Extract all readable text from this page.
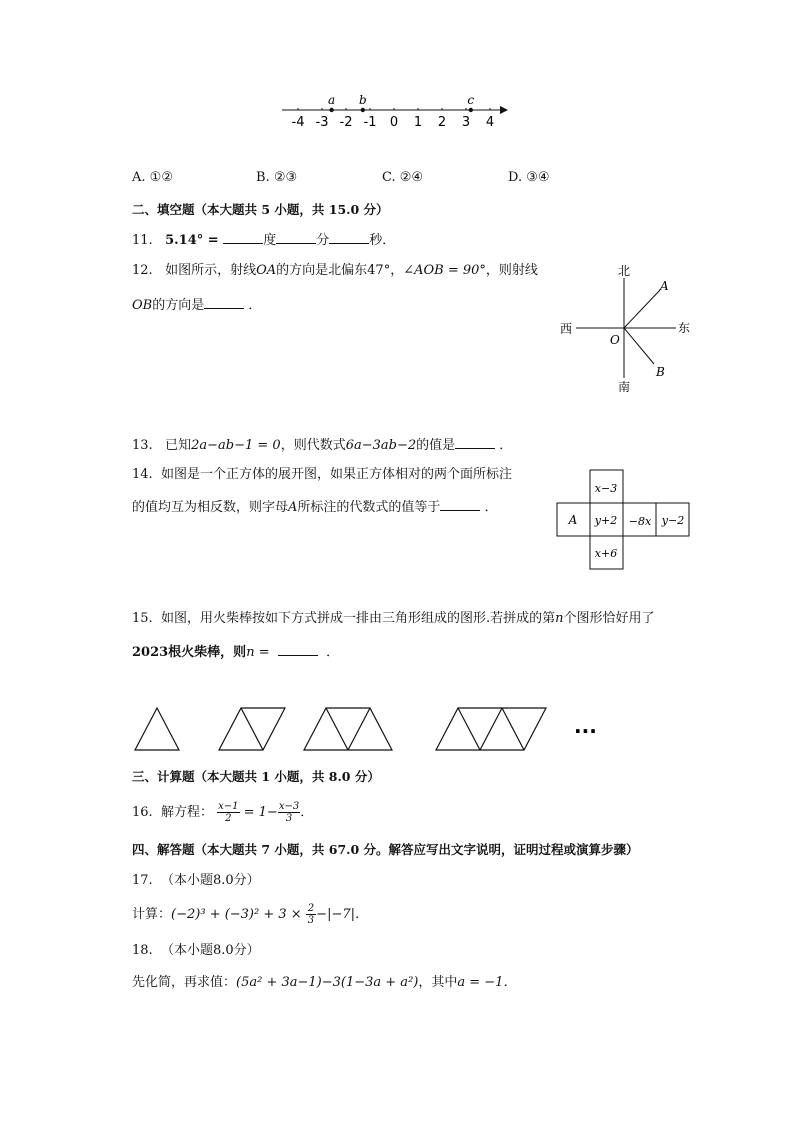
-4 -3 -2 -1 0 1 2 3 4
a b	c
A. ①②	B. ②③	C. ②④	D. ③④
二、填空题（本大题共 5 小题，共 15.0 分）
11. 5.14° =	度	分	秒．
12. 如图所示，射线OA的方向是北偏东47°，∠AOB = 90°，则射线
OB的方向是	．
北
南
西	东
O
A
B
13. 已知2a−ab−1 = 0，则代数式6a−3ab−2的值是	．
14. 如图是一个正方体的展开图，如果正方体相对的两个面所标注
的值均互为相反数，则字母A所标注的代数式的值等于	．
x−3
A y+2 −8x y−2
x+6
15. 如图，用火柴棒按如下方式拼成一排由三角形组成的图形.若拼成的第n个图形恰好用了
2023根火柴棒，则n =	．
···
三、计算题（本大题共 1 小题，共 8.0 分）
16. 解方程： $\frac{x-1}{2} = 1- \frac{x-3}{3}$ ．
四、解答题（本大题共 7 小题，共 67.0 分。解答应写出文字说明，证明过程或演算步骤）
17. （本小题8.0分）
计算：$(-2)^3 + (-3)^2 + 3 \times \frac{2}{3} -|-7|$．
18. （本小题8.0分）
先化简，再求值：(5a² + 3a−1)−3(1−3a + a²)，其中a = −1．
